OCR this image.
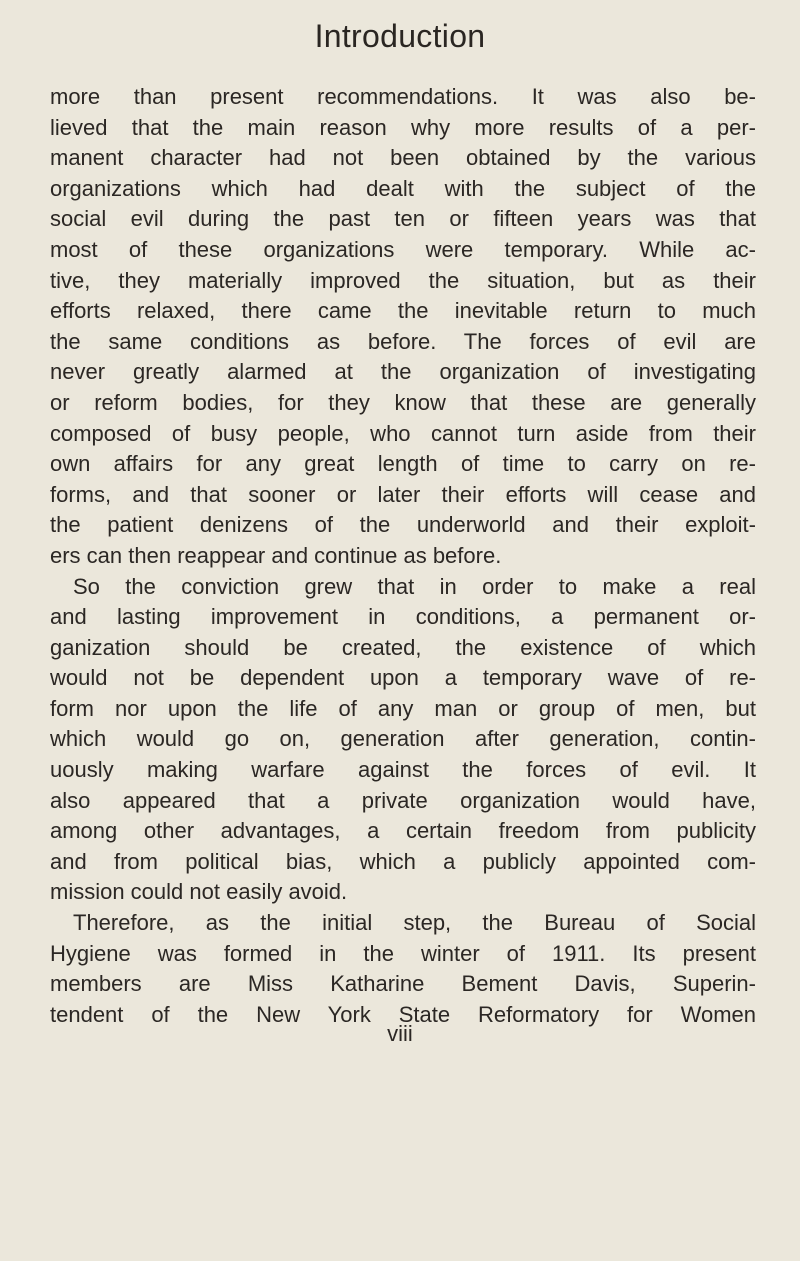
Introduction
more than present recommendations. It was also be-
lieved that the main reason why more results of a per-
manent character had not been obtained by the various
organizations which had dealt with the subject of the
social evil during the past ten or fifteen years was that
most of these organizations were temporary. While ac-
tive, they materially improved the situation, but as their
efforts relaxed, there came the inevitable return to much
the same conditions as before. The forces of evil are
never greatly alarmed at the organization of investigating
or reform bodies, for they know that these are generally
composed of busy people, who cannot turn aside from their
own affairs for any great length of time to carry on re-
forms, and that sooner or later their efforts will cease and
the patient denizens of the underworld and their exploit-
ers can then reappear and continue as before.
So the conviction grew that in order to make a real
and lasting improvement in conditions, a permanent or-
ganization should be created, the existence of which
would not be dependent upon a temporary wave of re-
form nor upon the life of any man or group of men, but
which would go on, generation after generation, contin-
uously making warfare against the forces of evil. It
also appeared that a private organization would have,
among other advantages, a certain freedom from publicity
and from political bias, which a publicly appointed com-
mission could not easily avoid.
Therefore, as the initial step, the Bureau of Social
Hygiene was formed in the winter of 1911. Its present
members are Miss Katharine Bement Davis, Superin-
tendent of the New York State Reformatory for Women
viii
